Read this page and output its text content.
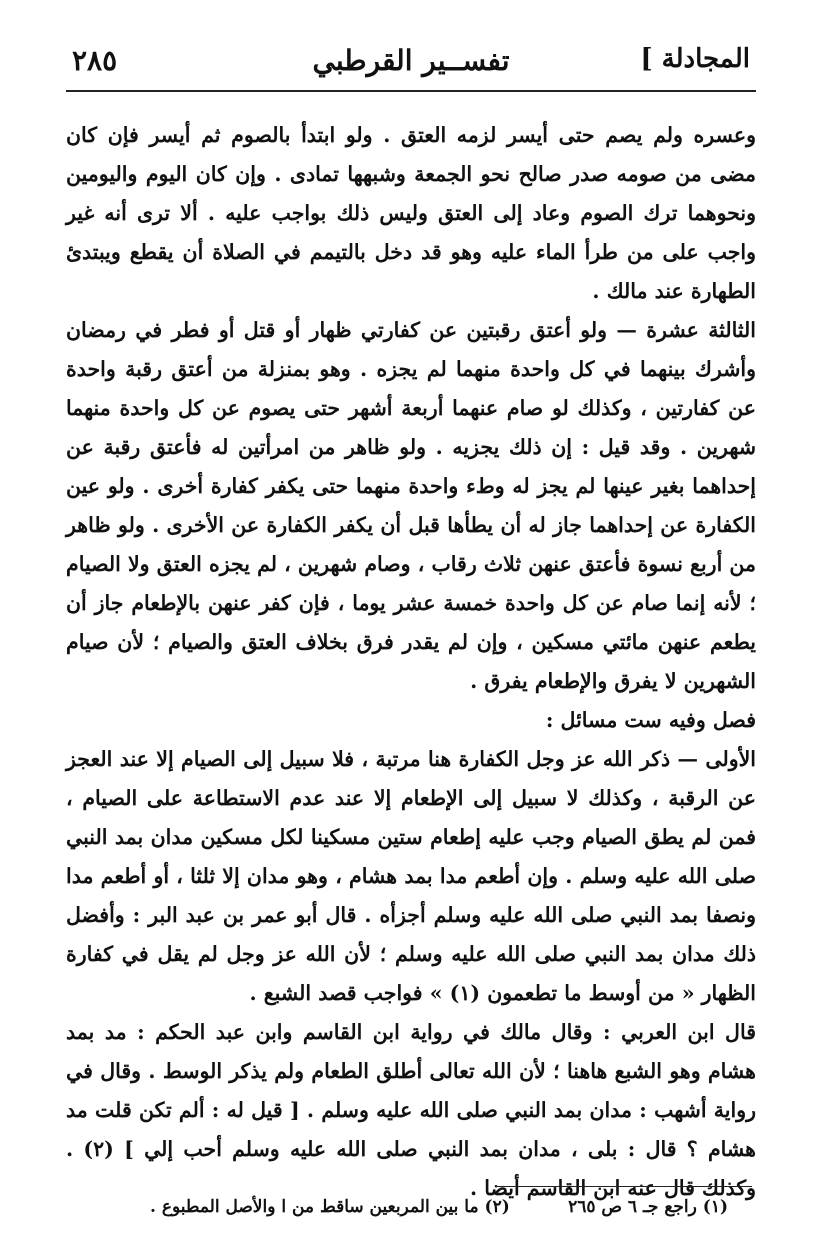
٢٨٥	تفســير القرطبي	المجادلة ]

وعسره ولم يصم حتى أيسر لزمه العتق . ولو ابتدأ بالصوم ثم أيسر فإن كان مضى من صومه صدر صالح نحو الجمعة وشبهها تمادى . وإن كان اليوم واليومين ونحوهما ترك الصوم وعاد إلى العتق وليس ذلك بواجب عليه . ألا ترى أنه غير واجب على من طرأ الماء عليه وهو قد دخل بالتيمم في الصلاة أن يقطع ويبتدئ الطهارة عند مالك .

الثالثة عشرة — ولو أعتق رقبتين عن كفارتي ظهار أو قتل أو فطر في رمضان وأشرك بينهما في كل واحدة منهما لم يجزه . وهو بمنزلة من أعتق رقبة واحدة عن كفارتين ، وكذلك لو صام عنهما أربعة أشهر حتى يصوم عن كل واحدة منهما شهرين . وقد قيل : إن ذلك يجزيه . ولو ظاهر من امرأتين له فأعتق رقبة عن إحداهما بغير عينها لم يجز له وطء واحدة منهما حتى يكفر كفارة أخرى . ولو عين الكفارة عن إحداهما جاز له أن يطأها قبل أن يكفر الكفارة عن الأخرى . ولو ظاهر من أربع نسوة فأعتق عنهن ثلاث رقاب ، وصام شهرين ، لم يجزه العتق ولا الصيام ؛ لأنه إنما صام عن كل واحدة خمسة عشر يوما ، فإن كفر عنهن بالإطعام جاز أن يطعم عنهن مائتي مسكين ، وإن لم يقدر فرق بخلاف العتق والصيام ؛ لأن صيام الشهرين لا يفرق والإطعام يفرق .

فصل وفيه ست مسائل :

الأولى — ذكر الله عز وجل الكفارة هنا مرتبة ، فلا سبيل إلى الصيام إلا عند العجز عن الرقبة ، وكذلك لا سبيل إلى الإطعام إلا عند عدم الاستطاعة على الصيام ، فمن لم يطق الصيام وجب عليه إطعام ستين مسكينا لكل مسكين مدان بمد النبي صلى الله عليه وسلم . وإن أطعم مدا بمد هشام ، وهو مدان إلا ثلثا ، أو أطعم مدا ونصفا بمد النبي صلى الله عليه وسلم أجزأه . قال أبو عمر بن عبد البر : وأفضل ذلك مدان بمد النبي صلى الله عليه وسلم ؛ لأن الله عز وجل لم يقل في كفارة الظهار « من أوسط ما تطعمون (١) » فواجب قصد الشبع .

قال ابن العربي : وقال مالك في رواية ابن القاسم وابن عبد الحكم : مد بمد هشام وهو الشبع هاهنا ؛ لأن الله تعالى أطلق الطعام ولم يذكر الوسط . وقال في رواية أشهب : مدان بمد النبي صلى الله عليه وسلم . [ قيل له : ألم تكن قلت مد هشام ؟ قال : بلى ، مدان بمد النبي صلى الله عليه وسلم أحب إلي ] (٢) . وكذلك قال عنه ابن القاسم أيضا .

(١) راجع جـ ٦ ص ٢٦٥
(٢) ما بين المربعين ساقط من ا والأصل المطبوع .
